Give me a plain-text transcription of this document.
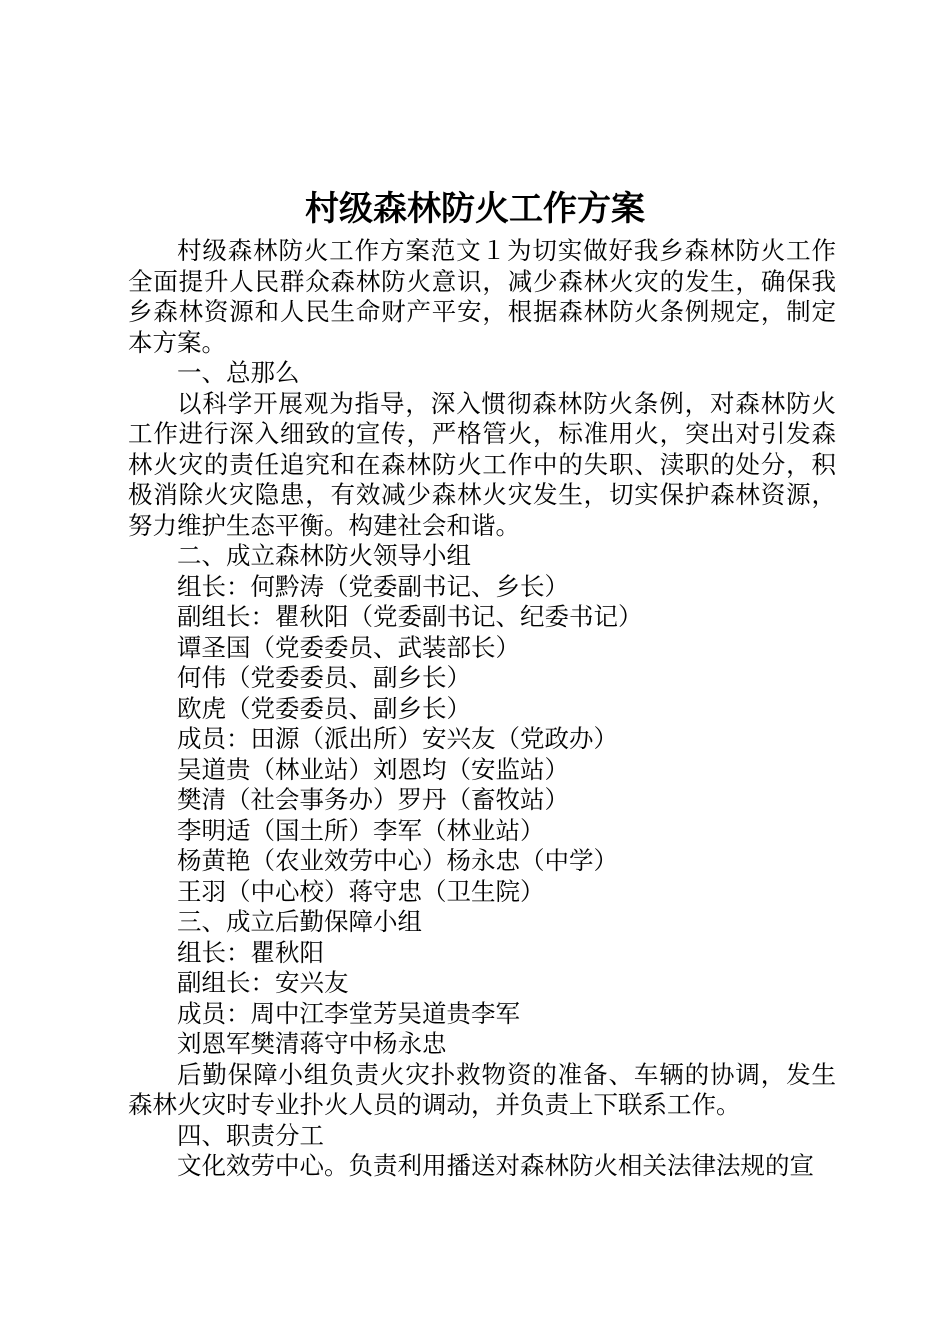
村级森林防火工作方案

村级森林防火工作方案范文１为切实做好我乡森林防火工作全面提升人民群众森林防火意识，减少森林火灾的发生，确保我乡森林资源和人民生命财产平安，根据森林防火条例规定，制定本方案。

一、总那么

以科学开展观为指导，深入惯彻森林防火条例，对森林防火工作进行深入细致的宣传，严格管火，标准用火，突出对引发森林火灾的责任追究和在森林防火工作中的失职、渎职的处分，积极消除火灾隐患，有效减少森林火灾发生，切实保护森林资源，努力维护生态平衡。构建社会和谐。

二、成立森林防火领导小组

组长：何黔涛（党委副书记、乡长）

副组长：瞿秋阳（党委副书记、纪委书记）

谭圣国（党委委员、武装部长）

何伟（党委委员、副乡长）

欧虎（党委委员、副乡长）

成员：田源（派出所）安兴友（党政办）

吴道贵（林业站）刘恩均（安监站）

樊清（社会事务办）罗丹（畜牧站）

李明适（国土所）李军（林业站）

杨黄艳（农业效劳中心）杨永忠（中学）

王羽（中心校）蒋守忠（卫生院）

三、成立后勤保障小组

组长：瞿秋阳

副组长：安兴友

成员：周中江李堂芳吴道贵李军

刘恩军樊清蒋守中杨永忠

后勤保障小组负责火灾扑救物资的准备、车辆的协调，发生森林火灾时专业扑火人员的调动，并负责上下联系工作。

四、职责分工

文化效劳中心。负责利用播送对森林防火相关法律法规的宣
